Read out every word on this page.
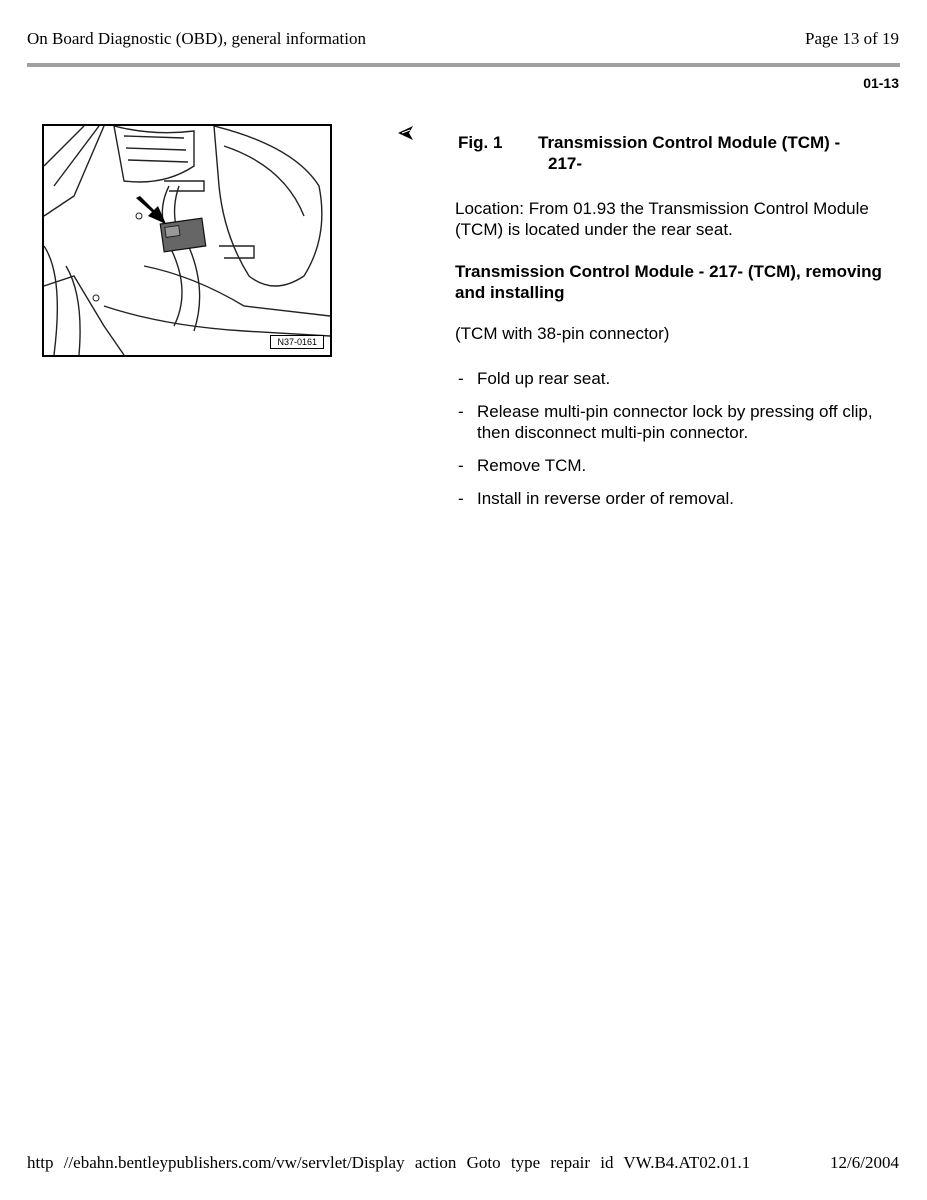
On Board Diagnostic (OBD), general information	Page 13 of 19
01-13
N37-0161
Fig. 1	Transmission Control Module (TCM) -
217-
Location: From 01.93 the Transmission Control Module (TCM) is located under the rear seat.
Transmission Control Module - 217- (TCM), removing and installing
(TCM with 38-pin connector)
- Fold up rear seat.
- Release multi-pin connector lock by pressing off clip, then disconnect multi-pin connector.
- Remove TCM.
- Install in reverse order of removal.
http //ebahn.bentleypublishers.com/vw/servlet/Display action Goto type repair id VW.B4.AT02.01.1	12/6/2004
